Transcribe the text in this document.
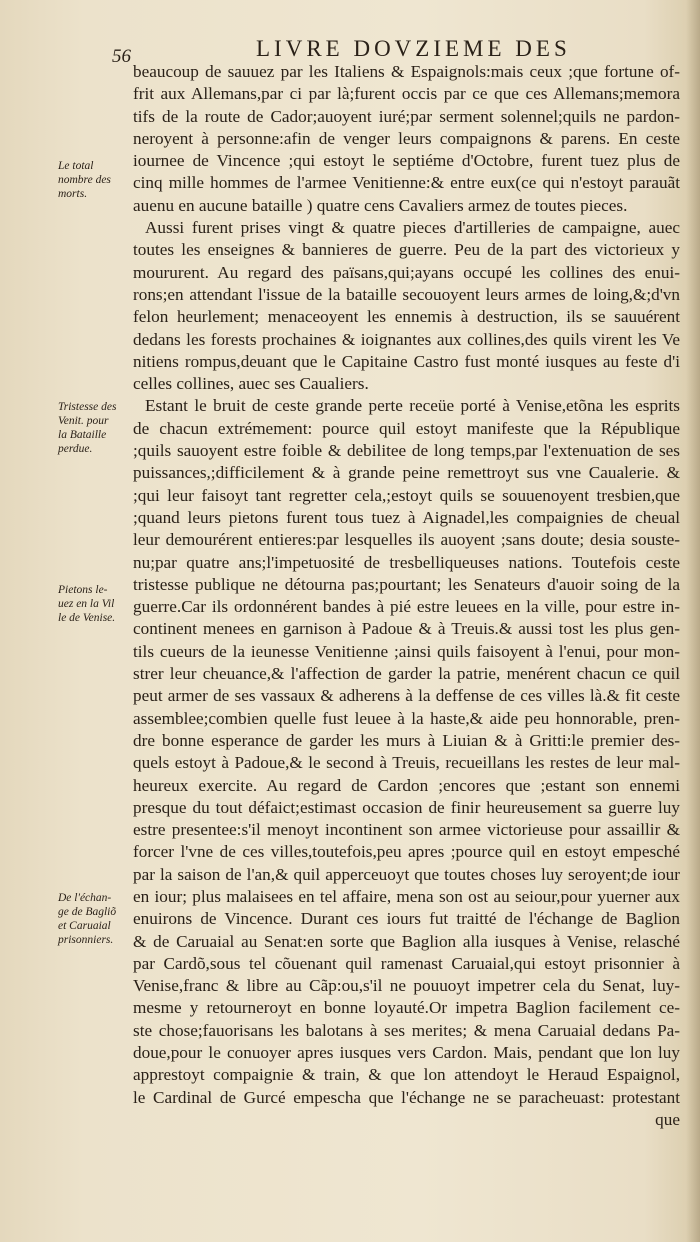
56	LIVRE DOVZIEME DES
Le total
nombre des
morts.
Tristesse des
Venit. pour
la Bataille
perdue.
Pietons le-
uez en la Vil
le de Venise.
De l'échan-
ge de Bagliõ
et Caruaial
prisonniers.
beaucoup de sauuez par les Italiens & Espaignols:mais ceux ;que fortune of-
frit aux Allemans,par ci par là;furent occis par ce que ces Allemans;memora
tifs de la route de Cador;auoyent iuré;par serment solennel;quils ne pardon-
neroyent à personne:afin de venger leurs compaignons & parens. En ceste
iournee de Vincence ;qui estoyt le septiéme d'Octobre, furent tuez plus de
cinq mille hommes de l'armee Venitienne:& entre eux(ce qui n'estoyt parauãt
auenu en aucune bataille ) quatre cens Cavaliers armez de toutes pieces.
Aussi furent prises vingt & quatre pieces d'artilleries de campaigne, auec
toutes les enseignes & bannieres de guerre. Peu de la part des victorieux y
moururent. Au regard des païsans,qui;ayans occupé les collines des enui-
rons;en attendant l'issue de la bataille secouoyent leurs armes de loing,&;d'vn
felon heurlement; menaceoyent les ennemis à destruction, ils se sauuérent
dedans les forests prochaines & ioignantes aux collines,des quils virent les Ve
nitiens rompus,deuant que le Capitaine Castro fust monté iusques au feste d'i
celles collines, auec ses Caualiers.
Estant le bruit de ceste grande perte receüe porté à Venise,etõna les esprits
de chacun extrémement: pource quil estoyt manifeste que la République
;quils sauoyent estre foible & debilitee de long temps,par l'extenuation de ses
puissances,;difficilement & à grande peine remettroyt sus vne Caualerie. &
;qui leur faisoyt tant regretter cela,;estoyt quils se souuenoyent tresbien,que
;quand leurs pietons furent tous tuez à Aignadel,les compaignies de cheual
leur demourérent entieres:par lesquelles ils auoyent ;sans doute; desia souste-
nu;par quatre ans;l'impetuosité de tresbelliqueuses nations. Toutefois ceste
tristesse publique ne détourna pas;pourtant; les Senateurs d'auoir soing de la
guerre.Car ils ordonnérent bandes à pié estre leuees en la ville, pour estre in-
continent menees en garnison à Padoue & à Treuis.& aussi tost les plus gen-
tils cueurs de la ieunesse Venitienne ;ainsi quils faisoyent à l'enui, pour mon-
strer leur cheuance,& l'affection de garder la patrie, menérent chacun ce quil
peut armer de ses vassaux & adherens à la deffense de ces villes là.& fit ceste
assemblee;combien quelle fust leuee à la haste,& aide peu honnorable, pren-
dre bonne esperance de garder les murs à Liuian & à Gritti:le premier des-
quels estoyt à Padoue,& le second à Treuis, recueillans les restes de leur mal-
heureux exercite. Au regard de Cardon ;encores que ;estant son ennemi
presque du tout défaict;estimast occasion de finir heureusement sa guerre luy
estre presentee:s'il menoyt incontinent son armee victorieuse pour assaillir &
forcer l'vne de ces villes,toutefois,peu apres ;pource quil en estoyt empesché
par la saison de l'an,& quil apperceuoyt que toutes choses luy seroyent;de iour
en iour; plus malaisees en tel affaire, mena son ost au seiour,pour yuerner aux
enuirons de Vincence. Durant ces iours fut traitté de l'échange de Baglion
& de Caruaial au Senat:en sorte que Baglion alla iusques à Venise, relasché
par Cardõ,sous tel cõuenant quil ramenast Caruaial,qui estoyt prisonnier à
Venise,franc & libre au Cãp:ou,s'il ne pouuoyt impetrer cela du Senat, luy-
mesme y retourneroyt en bonne loyauté.Or impetra Baglion facilement ce-
ste chose;fauorisans les balotans à ses merites; & mena Caruaial dedans Pa-
doue,pour le conuoyer apres iusques vers Cardon. Mais, pendant que lon luy
apprestoyt compaignie & train, & que lon attendoyt le Heraud Espaignol,
le Cardinal de Gurcé empescha que l'échange ne se paracheuast: protestant
que
